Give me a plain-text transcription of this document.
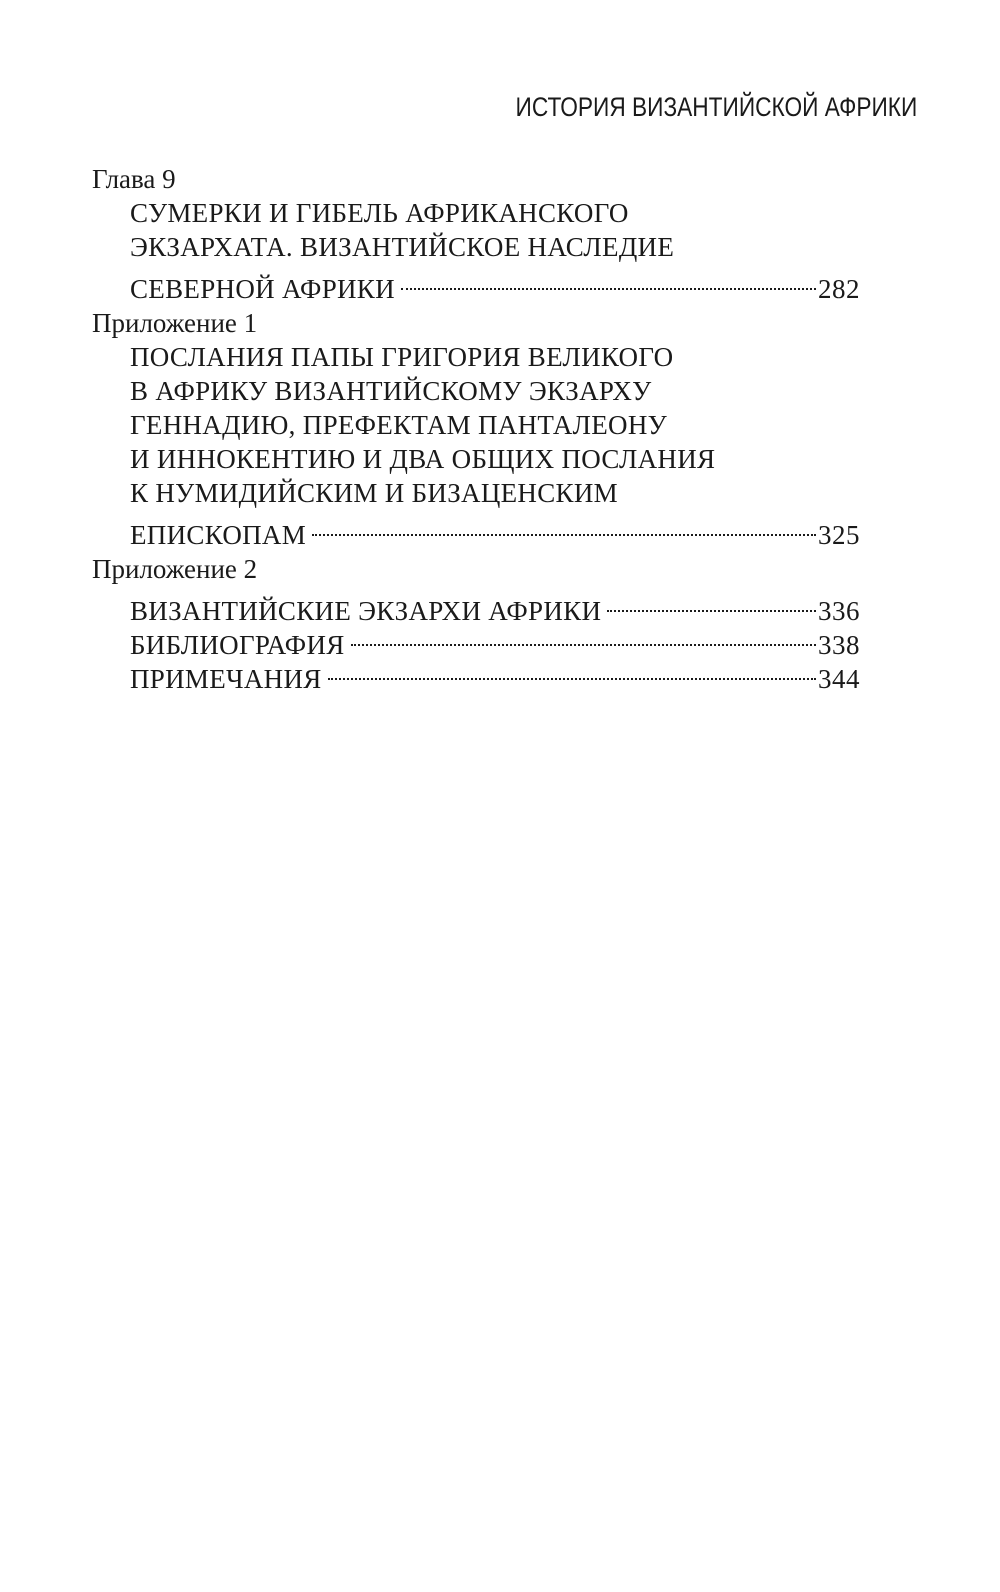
ИСТОРИЯ ВИЗАНТИЙСКОЙ АФРИКИ
Глава 9
СУМЕРКИ И ГИБЕЛЬ АФРИКАНСКОГО
ЭКЗАРХАТА. ВИЗАНТИЙСКОЕ НАСЛЕДИЕ
СЕВЕРНОЙ АФРИКИ	282
Приложение 1
ПОСЛАНИЯ ПАПЫ ГРИГОРИЯ ВЕЛИКОГО
В АФРИКУ ВИЗАНТИЙСКОМУ ЭКЗАРХУ
ГЕННАДИЮ, ПРЕФЕКТАМ ПАНТАЛЕОНУ
И ИННОКЕНТИЮ И ДВА ОБЩИХ ПОСЛАНИЯ
К НУМИДИЙСКИМ И БИЗАЦЕНСКИМ
ЕПИСКОПАМ	325
Приложение 2
ВИЗАНТИЙСКИЕ ЭКЗАРХИ АФРИКИ	336
БИБЛИОГРАФИЯ	338
ПРИМЕЧАНИЯ	344
